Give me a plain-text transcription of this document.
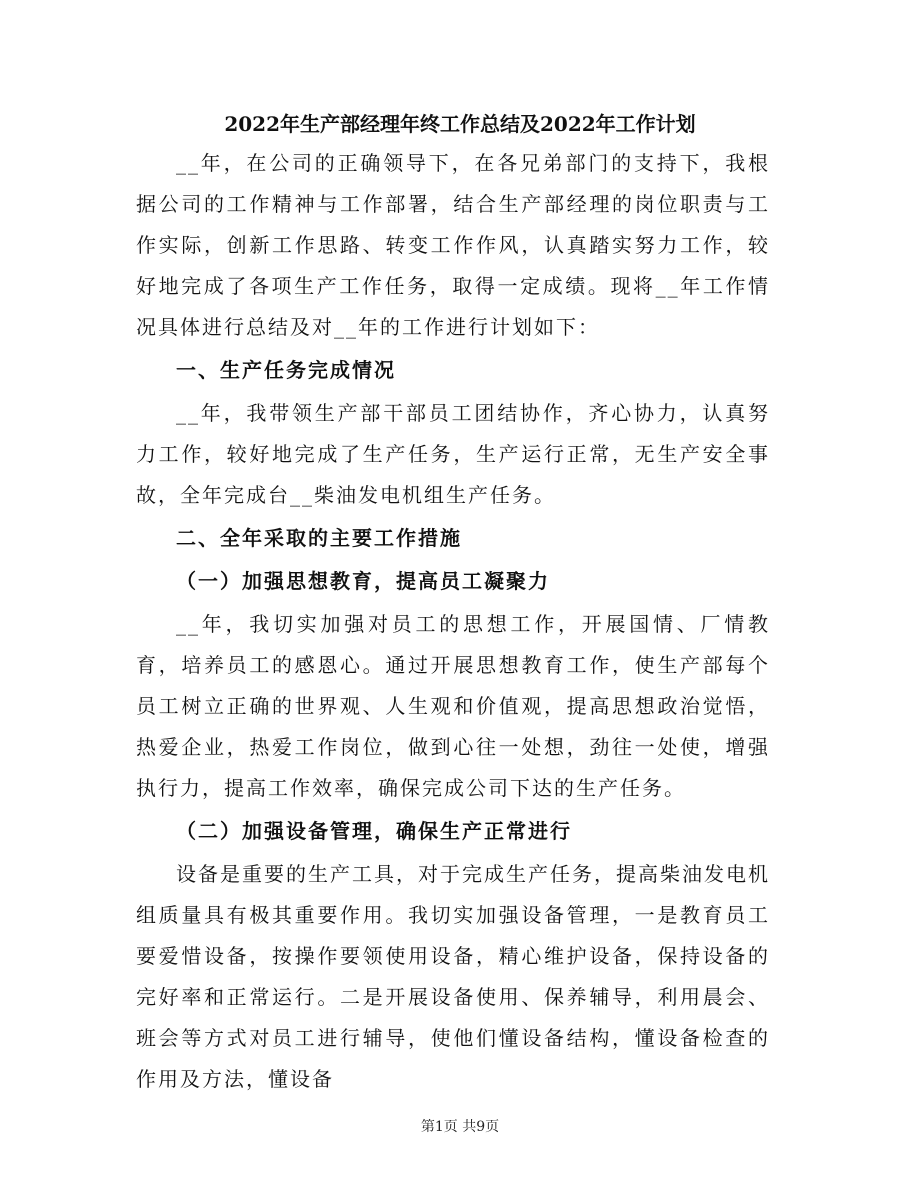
2022年生产部经理年终工作总结及2022年工作计划

__年，在公司的正确领导下，在各兄弟部门的支持下，我根据公司的工作精神与工作部署，结合生产部经理的岗位职责与工作实际，创新工作思路、转变工作作风，认真踏实努力工作，较好地完成了各项生产工作任务，取得一定成绩。现将__年工作情况具体进行总结及对__年的工作进行计划如下：

一、生产任务完成情况

__年，我带领生产部干部员工团结协作，齐心协力，认真努力工作，较好地完成了生产任务，生产运行正常，无生产安全事故，全年完成台__柴油发电机组生产任务。

二、全年采取的主要工作措施

（一）加强思想教育，提高员工凝聚力

__年，我切实加强对员工的思想工作，开展国情、厂情教育，培养员工的感恩心。通过开展思想教育工作，使生产部每个员工树立正确的世界观、人生观和价值观，提高思想政治觉悟，热爱企业，热爱工作岗位，做到心往一处想，劲往一处使，增强执行力，提高工作效率，确保完成公司下达的生产任务。

（二）加强设备管理，确保生产正常进行

设备是重要的生产工具，对于完成生产任务，提高柴油发电机组质量具有极其重要作用。我切实加强设备管理，一是教育员工要爱惜设备，按操作要领使用设备，精心维护设备，保持设备的完好率和正常运行。二是开展设备使用、保养辅导，利用晨会、班会等方式对员工进行辅导，使他们懂设备结构，懂设备检查的作用及方法，懂设备

第1页 共9页
